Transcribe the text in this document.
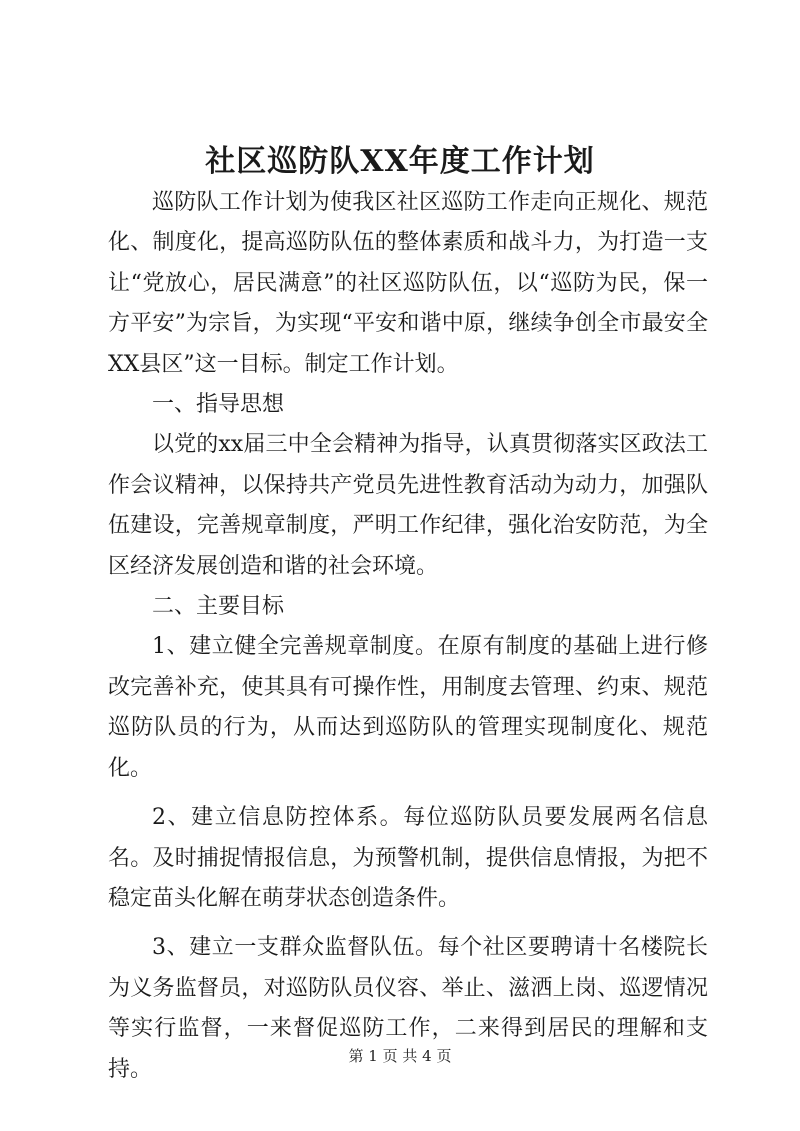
社区巡防队XX年度工作计划

巡防队工作计划为使我区社区巡防工作走向正规化、规范化、制度化，提高巡防队伍的整体素质和战斗力，为打造一支让“党放心，居民满意”的社区巡防队伍，以“巡防为民，保一方平安”为宗旨，为实现“平安和谐中原，继续争创全市最安全XX县区”这一目标。制定工作计划。

一、指导思想

以党的xx届三中全会精神为指导，认真贯彻落实区政法工作会议精神，以保持共产党员先进性教育活动为动力，加强队伍建设，完善规章制度，严明工作纪律，强化治安防范，为全区经济发展创造和谐的社会环境。

二、主要目标

1、建立健全完善规章制度。在原有制度的基础上进行修改完善补充，使其具有可操作性，用制度去管理、约束、规范巡防队员的行为，从而达到巡防队的管理实现制度化、规范化。

2、建立信息防控体系。每位巡防队员要发展两名信息名。及时捕捉情报信息，为预警机制，提供信息情报，为把不稳定苗头化解在萌芽状态创造条件。

3、建立一支群众监督队伍。每个社区要聘请十名楼院长为义务监督员，对巡防队员仪容、举止、滋洒上岗、巡逻情况等实行监督，一来督促巡防工作，二来得到居民的理解和支持。

第 1 页 共 4 页
